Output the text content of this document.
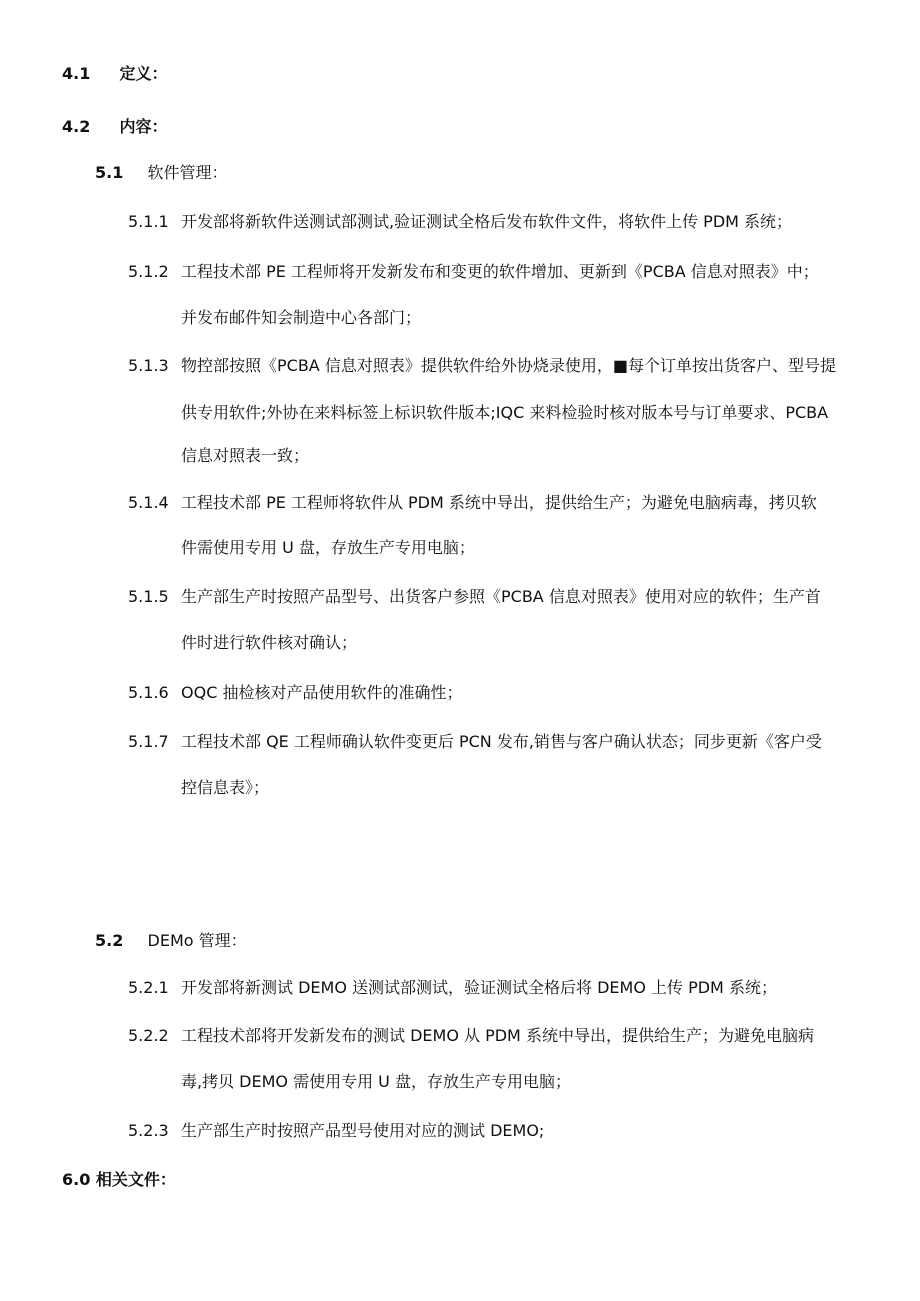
4.1 定义：
4.2 内容：
5.1 软件管理：
5.1.1 开发部将新软件送测试部测试,验证测试全格后发布软件文件，将软件上传 PDM 系统；
5.1.2 工程技术部 PE 工程师将开发新发布和变更的软件增加、更新到《PCBA 信息对照表》中；
并发布邮件知会制造中心各部门；
5.1.3 物控部按照《PCBA 信息对照表》提供软件给外协烧录使用，■每个订单按出货客户、型号提
供专用软件;外协在来料标签上标识软件版本;IQC 来料检验时核对版本号与订单要求、PCBA
信息对照表一致；
5.1.4 工程技术部 PE 工程师将软件从 PDM 系统中导出，提供给生产；为避免电脑病毒，拷贝软
件需使用专用 U 盘，存放生产专用电脑；
5.1.5 生产部生产时按照产品型号、出货客户参照《PCBA 信息对照表》使用对应的软件；生产首
件时进行软件核对确认；
5.1.6 OQC 抽检核对产品使用软件的准确性；
5.1.7 工程技术部 QE 工程师确认软件变更后 PCN 发布,销售与客户确认状态；同步更新《客户受
控信息表》；
5.2 DEMo 管理：
5.2.1 开发部将新测试 DEMO 送测试部测试，验证测试全格后将 DEMO 上传 PDM 系统；
5.2.2 工程技术部将开发新发布的测试 DEMO 从 PDM 系统中导出，提供给生产；为避免电脑病
毒,拷贝 DEMO 需使用专用 U 盘，存放生产专用电脑；
5.2.3 生产部生产时按照产品型号使用对应的测试 DEMO;
6.0 相关文件：
